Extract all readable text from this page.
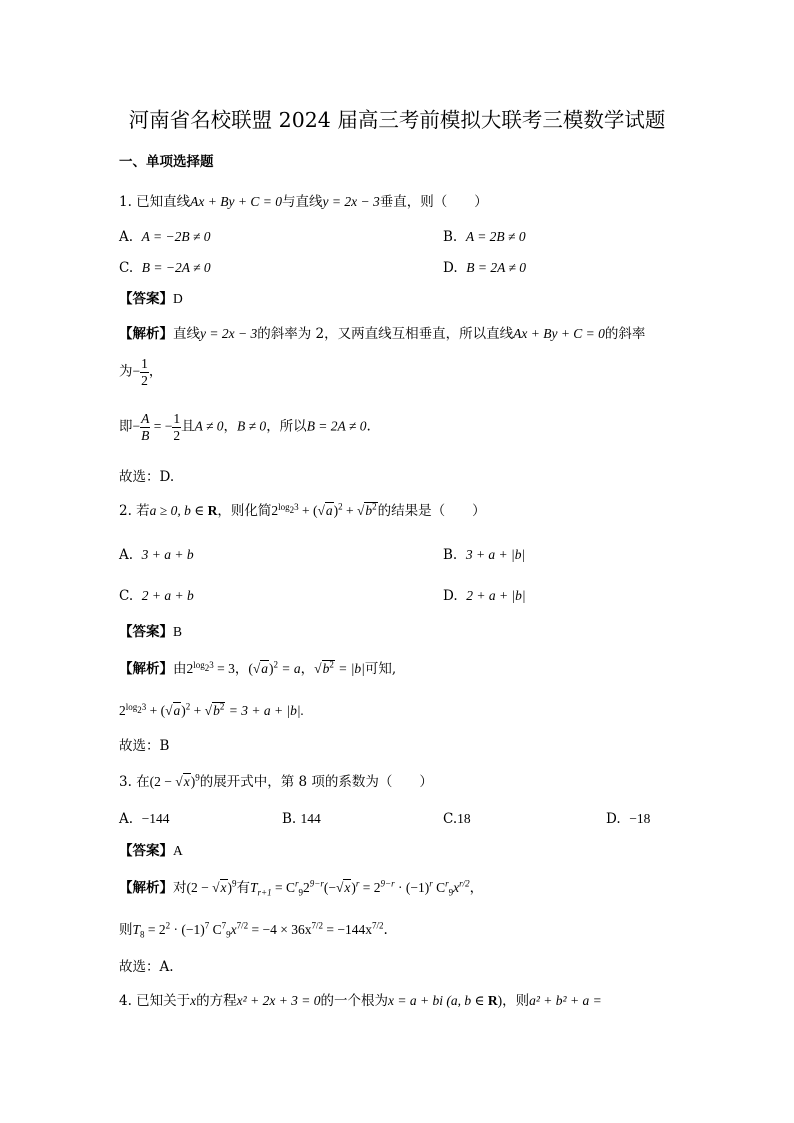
河南省名校联盟 2024 届高三考前模拟大联考三模数学试题
一、单项选择题
1. 已知直线Ax + By + C = 0与直线y = 2x − 3垂直，则（　　）
A. A = −2B ≠ 0	B. A = 2B ≠ 0
C. B = −2A ≠ 0	D. B = 2A ≠ 0
【答案】D
【解析】直线y = 2x − 3的斜率为 2，又两直线互相垂直，所以直线Ax + By + C = 0的斜率
为− $\frac{1}{2}$ ，
即− $\frac{A}{B}$ = − $\frac{1}{2}$ 且A ≠ 0，B ≠ 0，所以B = 2A ≠ 0.
故选：D.
2. 若a ≥ 0, b ∈ R，则化简$2^{log_23} + (√a)^2 + √b^2$的结果是（　　）
A. 3 + a + b	B. 3 + a + |b|
C. 2 + a + b	D. 2 + a + |b|
【答案】B
【解析】由$2^{log_23} = 3$，$(√a)^2 = a$，$√b^2 = |b|$可知,
$2^{log_23} + (√a)^2 + √b^2 = 3 + a + |b|$.
故选：B
3. 在$(2 - √x)^9$的展开式中，第 8 项的系数为（　　）
A. −144	B. 144	C.18	D. −18
【答案】A
【解析】对$(2 - √x)^9$有$T_{r+1} = C^r_92^{9-r}(-√x)^r = 2^{9-r} \cdot (-1)^r$ $C^r_9x^{r/2}$，
则$T_8 = 2^2 \cdot (-1)^7$ $C^7_9x^{7/2} = -4 \times 36x^{7/2} = -144x^{7/2}$.
故选：A.
4. 已知关于x的方程x² + 2x + 3 = 0的一个根为x = a + bi (a, b ∈ R)，则a² + b² + a =
